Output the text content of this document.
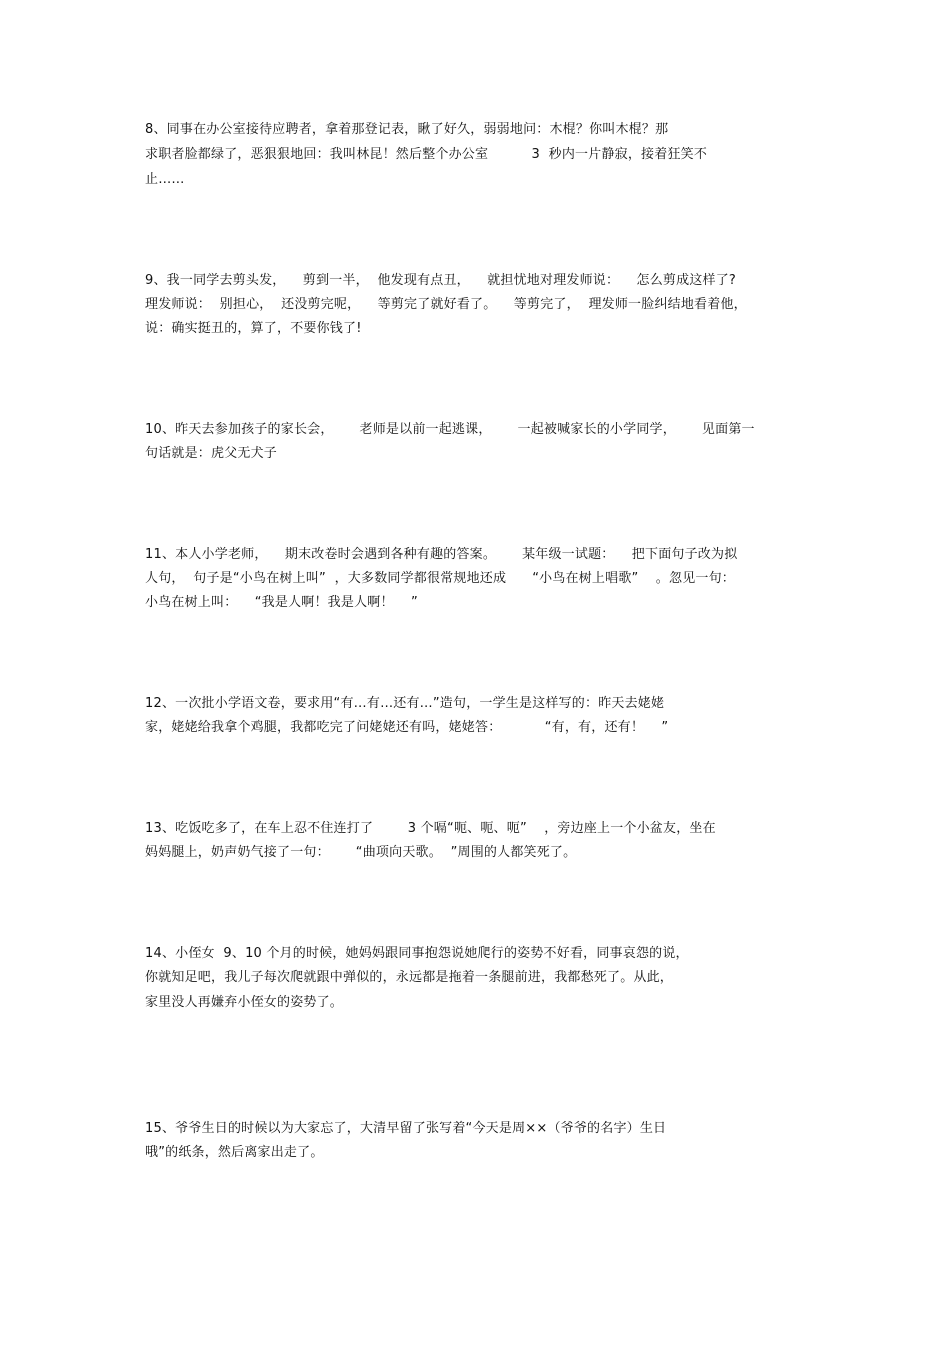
8、同事在办公室接待应聘者，拿着那登记表，瞅了好久，弱弱地问：木棍？你叫木棍？那
求职者脸都绿了，恶狠狠地回：我叫林昆！然后整个办公室          3  秒内一片静寂，接着狂笑不
止……
9、我一同学去剪头发，    剪到一半，  他发现有点丑，    就担忧地对理发师说：    怎么剪成这样了?
理发师说：  别担心，  还没剪完呢，    等剪完了就好看了。    等剪完了，  理发师一脸纠结地看着他，
说：确实挺丑的，算了，不要你钱了!
10、昨天去参加孩子的家长会，      老师是以前一起逃课，      一起被喊家长的小学同学，      见面第一
句话就是：虎父无犬子
11、本人小学老师，    期末改卷时会遇到各种有趣的答案。      某年级一试题：    把下面句子改为拟
人句，  句子是“小鸟在树上叫”  ，大多数同学都很常规地还成      “小鸟在树上唱歌”    。忽见一句：
小鸟在树上叫：    “我是人啊！我是人啊！    ”
12、一次批小学语文卷，要求用“有…有…还有…”造句，一学生是这样写的：昨天去姥姥
家，姥姥给我拿个鸡腿，我都吃完了问姥姥还有吗，姥姥答：          “有，有，还有！    ”
13、吃饭吃多了，在车上忍不住连打了        3 个嗝“呃、呃、呃”    ，旁边座上一个小盆友，坐在
妈妈腿上，奶声奶气接了一句：      “曲项向天歌。  ”周围的人都笑死了。
14、小侄女  9、10 个月的时候，她妈妈跟同事抱怨说她爬行的姿势不好看，同事哀怨的说，
你就知足吧，我儿子每次爬就跟中弹似的，永远都是拖着一条腿前进，我都愁死了。从此，
家里没人再嫌弃小侄女的姿势了。
15、爷爷生日的时候以为大家忘了，大清早留了张写着“今天是周××（爷爷的名字）生日
哦”的纸条，然后离家出走了。
